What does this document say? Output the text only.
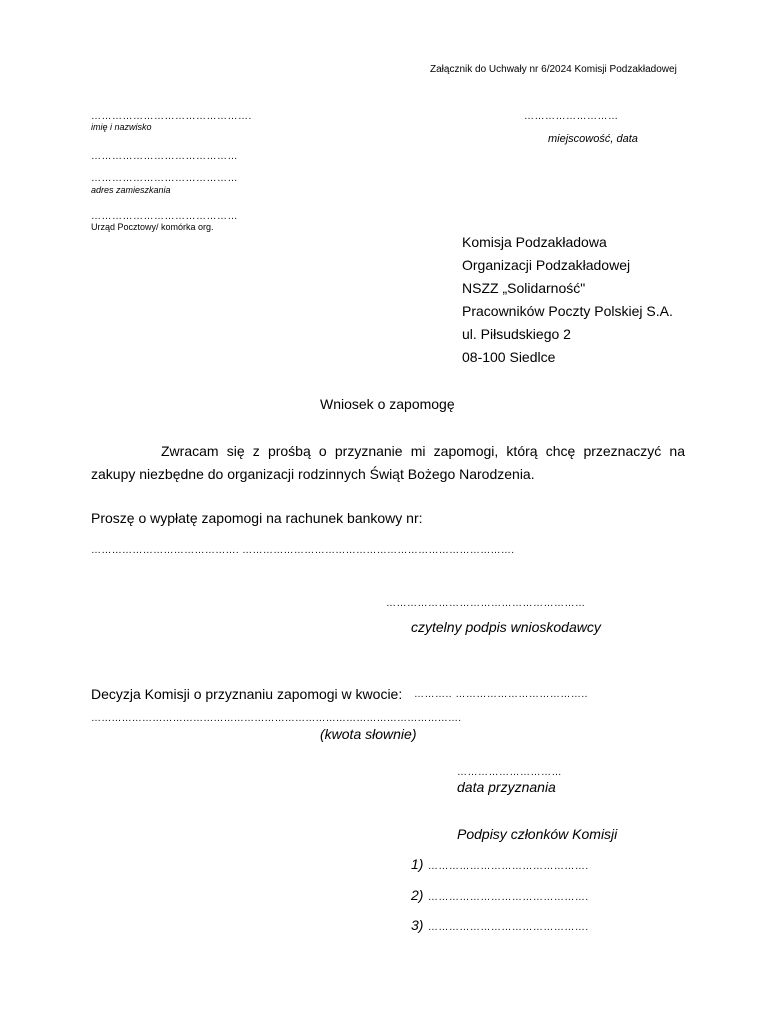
Załącznik do Uchwały nr 6/2024 Komisji Podzakładowej
……………………………………….
imię i nazwisko
……………………………………
……………………………………
adres zamieszkania
……………………………………
Urząd Pocztowy/ komórka org.
………………………
miejscowość, data
Komisja Podzakładowa
Organizacji Podzakładowej
NSZZ „Solidarność"
Pracowników Poczty Polskiej S.A.
ul. Piłsudskiego 2
08-100 Siedlce
Wniosek o zapomogę
Zwracam się z prośbą o przyznanie mi zapomogi, którą chcę przeznaczyć na zakupy niezbędne do organizacji rodzinnych Świąt Bożego Narodzenia.
Proszę o wypłatę zapomogi na rachunek bankowy nr:
……………………………………. …………………………………………………………………….
…………………………………………………
czytelny podpis wnioskodawcy
Decyzja Komisji o przyznaniu zapomogi w kwocie: ……….. ………………………………..
……………………………………………………………………………………………….
(kwota słownie)
…………………………
data przyznania
Podpisy członków Komisji
1) ……………………………………….
2) ……………………………………….
3) ……………………………………….
